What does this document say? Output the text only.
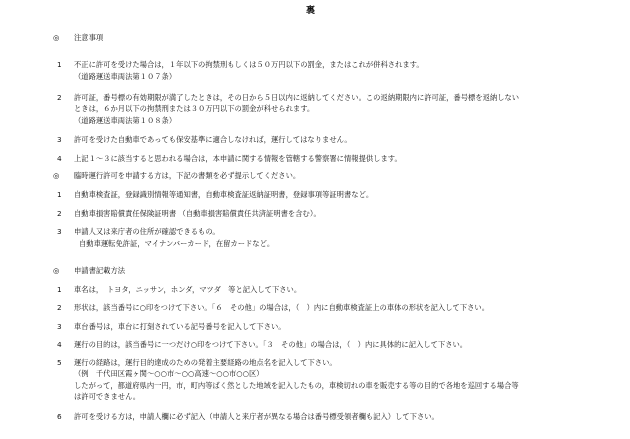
裏
◎ 注意事項
1 不正に許可を受けた場合は，１年以下の拘禁刑もしくは５０万円以下の罰金，またはこれが併科されます。
（道路運送車両法第１０７条）
2 許可証，番号標の有効期限が満了したときは，その日から５日以内に返納してください。この返納期限内に許可証，番号標を返納しない
ときは，６か月以下の拘禁刑または３０万円以下の罰金が科せられます。
（道路運送車両法第１０８条）
3 許可を受けた自動車であっても保安基準に適合しなければ，運行してはなりません。
4 上記１～３に該当すると思われる場合は，本申請に関する情報を管轄する警察署に情報提供します。
◎ 臨時運行許可を申請する方は，下記の書類を必ず提示してください。
1 自動車検査証，登録識別情報等通知書，自動車検査証返納証明書，登録事項等証明書など。
2 自動車損害賠償責任保険証明書 （自動車損害賠償責任共済証明書を含む）。
3 申請人又は来庁者の住所が確認できるもの。
自動車運転免許証，マイナンバーカード，在留カードなど。
◎ 申請書記載方法
1 車名は，　トヨタ，ニッサン，ホンダ，マツダ　等と記入して下さい。
2 形状は，該当番号に○印をつけて下さい。「６　その他」の場合は，（　）内に自動車検査証上の車体の形状を記入して下さい。
3 車台番号は，車台に打刻されている記号番号を記入して下さい。
4 運行の目的は，該当番号に一つだけ○印をつけて下さい。「３　その他」の場合は，（　）内に具体的に記入して下さい。
5 運行の経路は，運行目的達成のための発着主要経路の地点名を記入して下さい。
（例　千代田区霞ヶ関～○○市～○○高速～○○市○○区）
したがって，都道府県内一円，市，町内等ばく然とした地域を記入したもの，車検切れの車を販売する等の目的で各地を巡回する場合等
は許可できません。
6 許可を受ける方は，申請人欄に必ず記入（申請人と来庁者が異なる場合は番号標受領者欄も記入）して下さい。
